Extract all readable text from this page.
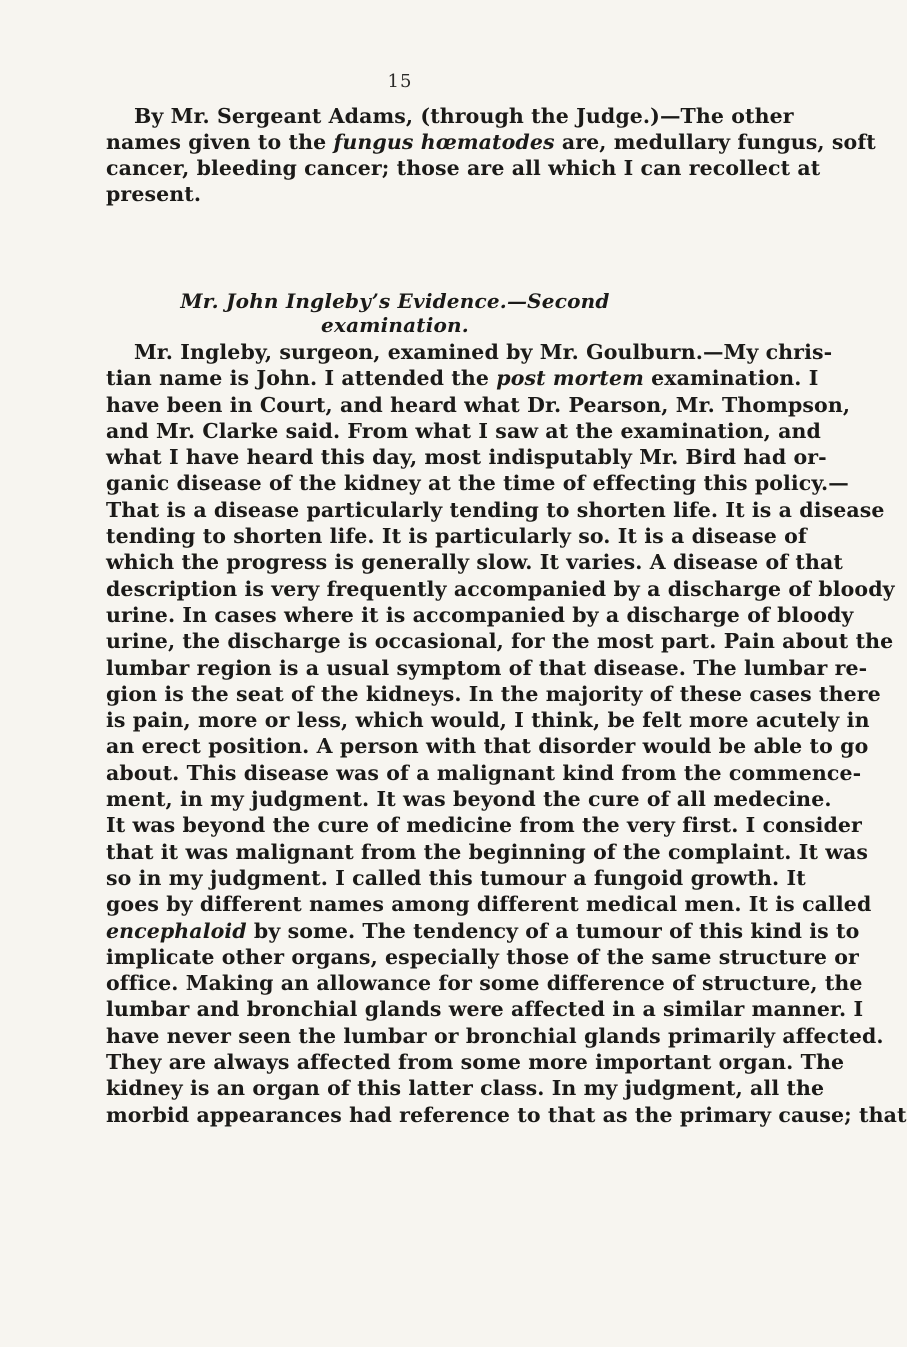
15
By Mr. Sergeant Adams, (through the Judge.)—The other
names given to the fungus hœmatodes are, medullary fungus, soft
cancer, bleeding cancer; those are all which I can recollect at
present.
Mr. John Ingleby’s Evidence.—Second examination.
Mr. Ingleby, surgeon, examined by Mr. Goulburn.—My chris-
tian name is John. I attended the post mortem examination. I
have been in Court, and heard what Dr. Pearson, Mr. Thompson,
and Mr. Clarke said. From what I saw at the examination, and
what I have heard this day, most indisputably Mr. Bird had or-
ganic disease of the kidney at the time of effecting this policy.—
That is a disease particularly tending to shorten life. It is a disease
tending to shorten life. It is particularly so. It is a disease of
which the progress is generally slow. It varies. A disease of that
description is very frequently accompanied by a discharge of bloody
urine. In cases where it is accompanied by a discharge of bloody
urine, the discharge is occasional, for the most part. Pain about the
lumbar region is a usual symptom of that disease. The lumbar re-
gion is the seat of the kidneys. In the majority of these cases there
is pain, more or less, which would, I think, be felt more acutely in
an erect position. A person with that disorder would be able to go
about. This disease was of a malignant kind from the commence-
ment, in my judgment. It was beyond the cure of all medecine.
It was beyond the cure of medicine from the very first. I consider
that it was malignant from the beginning of the complaint. It was
so in my judgment. I called this tumour a fungoid growth. It
goes by different names among different medical men. It is called
encephaloid by some. The tendency of a tumour of this kind is to
implicate other organs, especially those of the same structure or
office. Making an allowance for some difference of structure, the
lumbar and bronchial glands were affected in a similar manner. I
have never seen the lumbar or bronchial glands primarily affected.
They are always affected from some more important organ. The
kidney is an organ of this latter class. In my judgment, all the
morbid appearances had reference to that as the primary cause; that
